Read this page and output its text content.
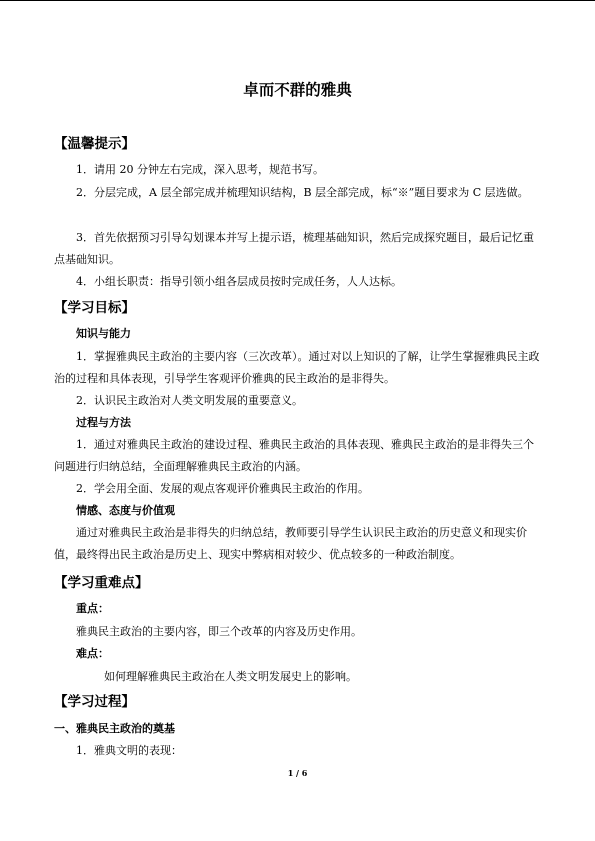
卓而不群的雅典
【温馨提示】
1．请用 20 分钟左右完成，深入思考，规范书写。
2．分层完成，A 层全部完成并梳理知识结构，B 层全部完成，标“※”题目要求为 C 层选做。
3．首先依据预习引导勾划课本并写上提示语，梳理基础知识，然后完成探究题目，最后记忆重点基础知识。
4．小组长职责：指导引领小组各层成员按时完成任务，人人达标。
【学习目标】
知识与能力
1．掌握雅典民主政治的主要内容（三次改革）。通过对以上知识的了解，让学生掌握雅典民主政治的过程和具体表现，引导学生客观评价雅典的民主政治的是非得失。
2．认识民主政治对人类文明发展的重要意义。
过程与方法
1．通过对雅典民主政治的建设过程、雅典民主政治的具体表现、雅典民主政治的是非得失三个问题进行归纳总结，全面理解雅典民主政治的内涵。
2．学会用全面、发展的观点客观评价雅典民主政治的作用。
情感、态度与价值观
通过对雅典民主政治是非得失的归纳总结，教师要引导学生认识民主政治的历史意义和现实价值，最终得出民主政治是历史上、现实中弊病相对较少、优点较多的一种政治制度。
【学习重难点】
重点：
雅典民主政治的主要内容，即三个改革的内容及历史作用。
难点：
如何理解雅典民主政治在人类文明发展史上的影响。
【学习过程】
一、雅典民主政治的奠基
1．雅典文明的表现：
1 / 6
